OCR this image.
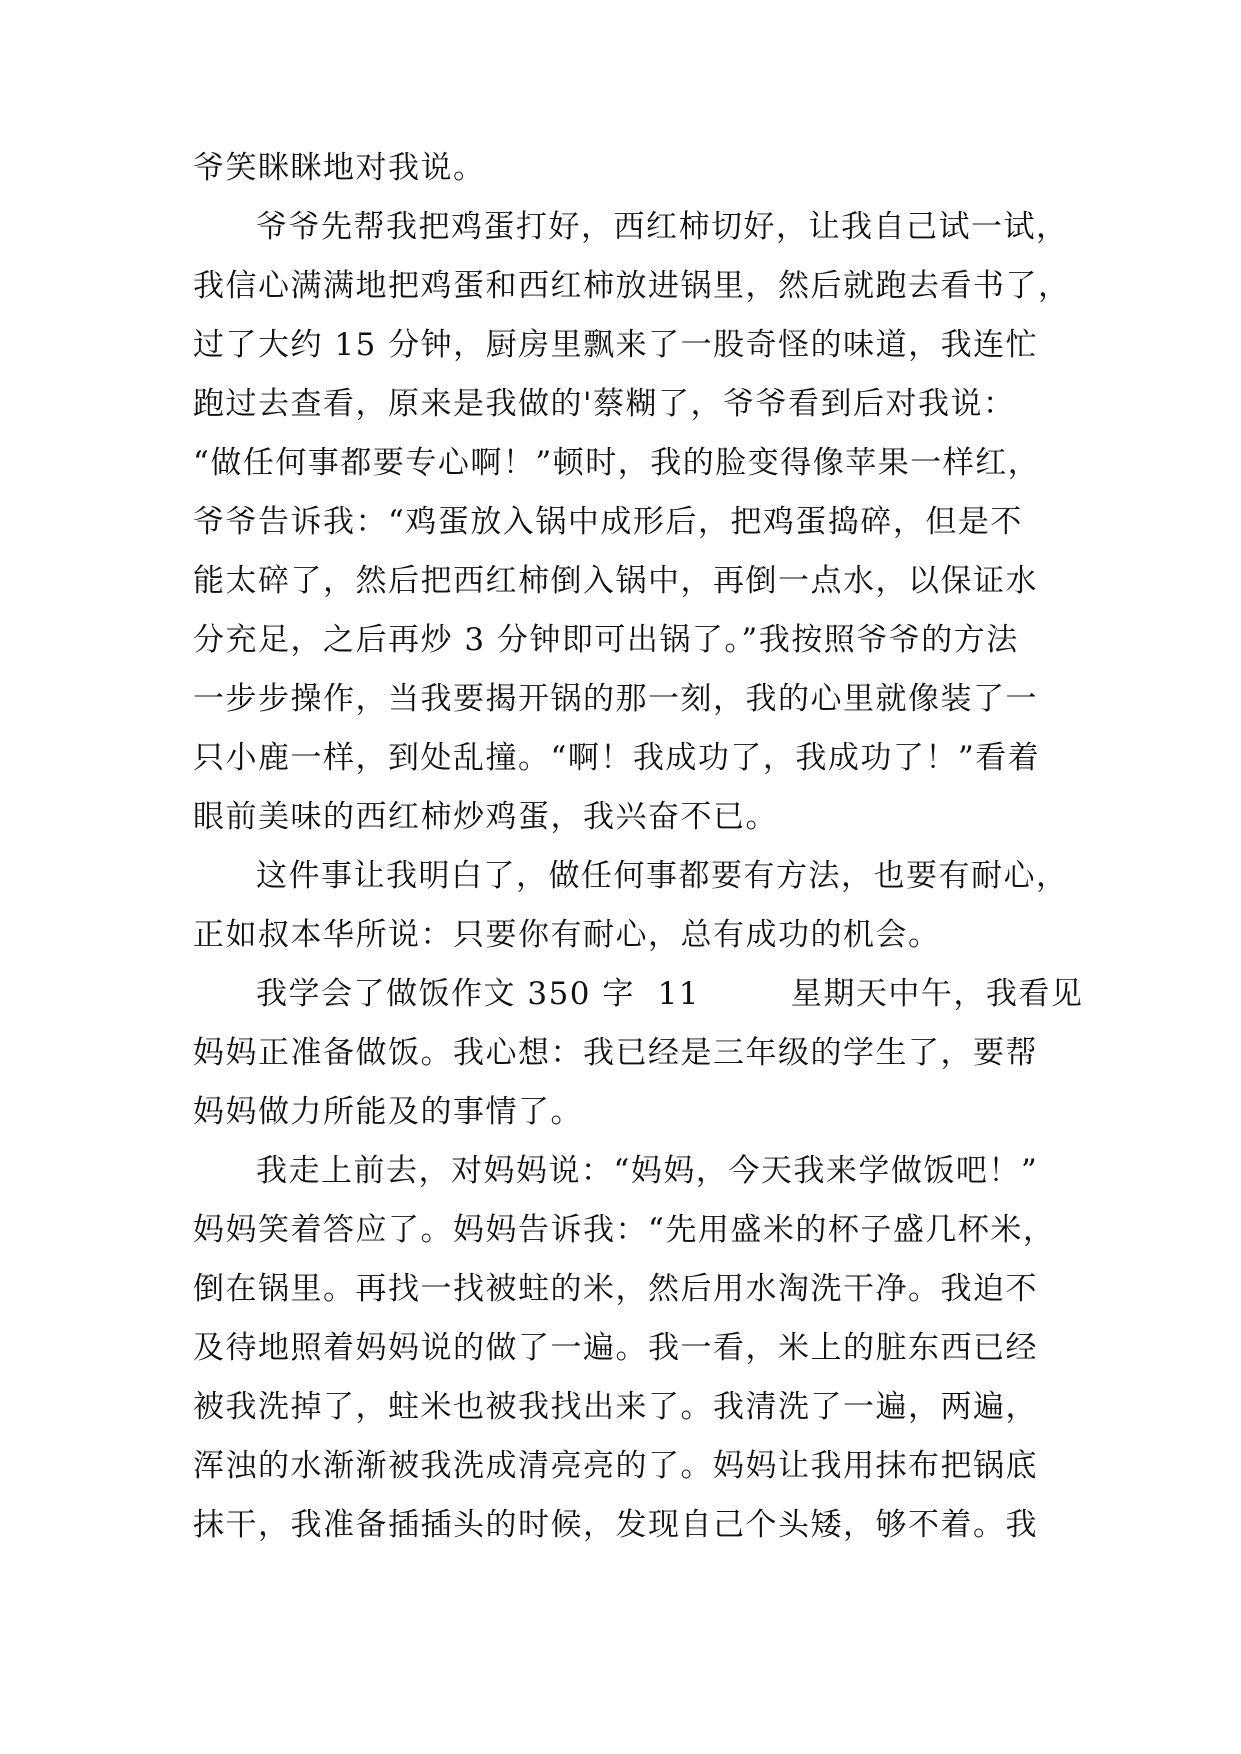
爷笑眯眯地对我说。
爷爷先帮我把鸡蛋打好，西红柿切好，让我自己试一试，
我信心满满地把鸡蛋和西红柿放进锅里，然后就跑去看书了，
过了大约 15 分钟，厨房里飘来了一股奇怪的味道，我连忙
跑过去查看，原来是我做的'蔡糊了，爷爷看到后对我说：
“做任何事都要专心啊！”顿时，我的脸变得像苹果一样红，
爷爷告诉我：“鸡蛋放入锅中成形后，把鸡蛋捣碎，但是不
能太碎了，然后把西红柿倒入锅中，再倒一点水，以保证水
分充足，之后再炒 3 分钟即可出锅了。”我按照爷爷的方法
一步步操作，当我要揭开锅的那一刻，我的心里就像装了一
只小鹿一样，到处乱撞。“啊！我成功了，我成功了！”看着
眼前美味的西红柿炒鸡蛋，我兴奋不已。
这件事让我明白了，做任何事都要有方法，也要有耐心，
正如叔本华所说：只要你有耐心，总有成功的机会。
我学会了做饭作文 350 字  11        星期天中午，我看见
妈妈正准备做饭。我心想：我已经是三年级的学生了，要帮
妈妈做力所能及的事情了。
我走上前去，对妈妈说：“妈妈，今天我来学做饭吧！”
妈妈笑着答应了。妈妈告诉我：“先用盛米的杯子盛几杯米，
倒在锅里。再找一找被蛀的米，然后用水淘洗干净。我迫不
及待地照着妈妈说的做了一遍。我一看，米上的脏东西已经
被我洗掉了，蛀米也被我找出来了。我清洗了一遍，两遍，
浑浊的水渐渐被我洗成清亮亮的了。妈妈让我用抹布把锅底
抹干，我准备插插头的时候，发现自己个头矮，够不着。我
